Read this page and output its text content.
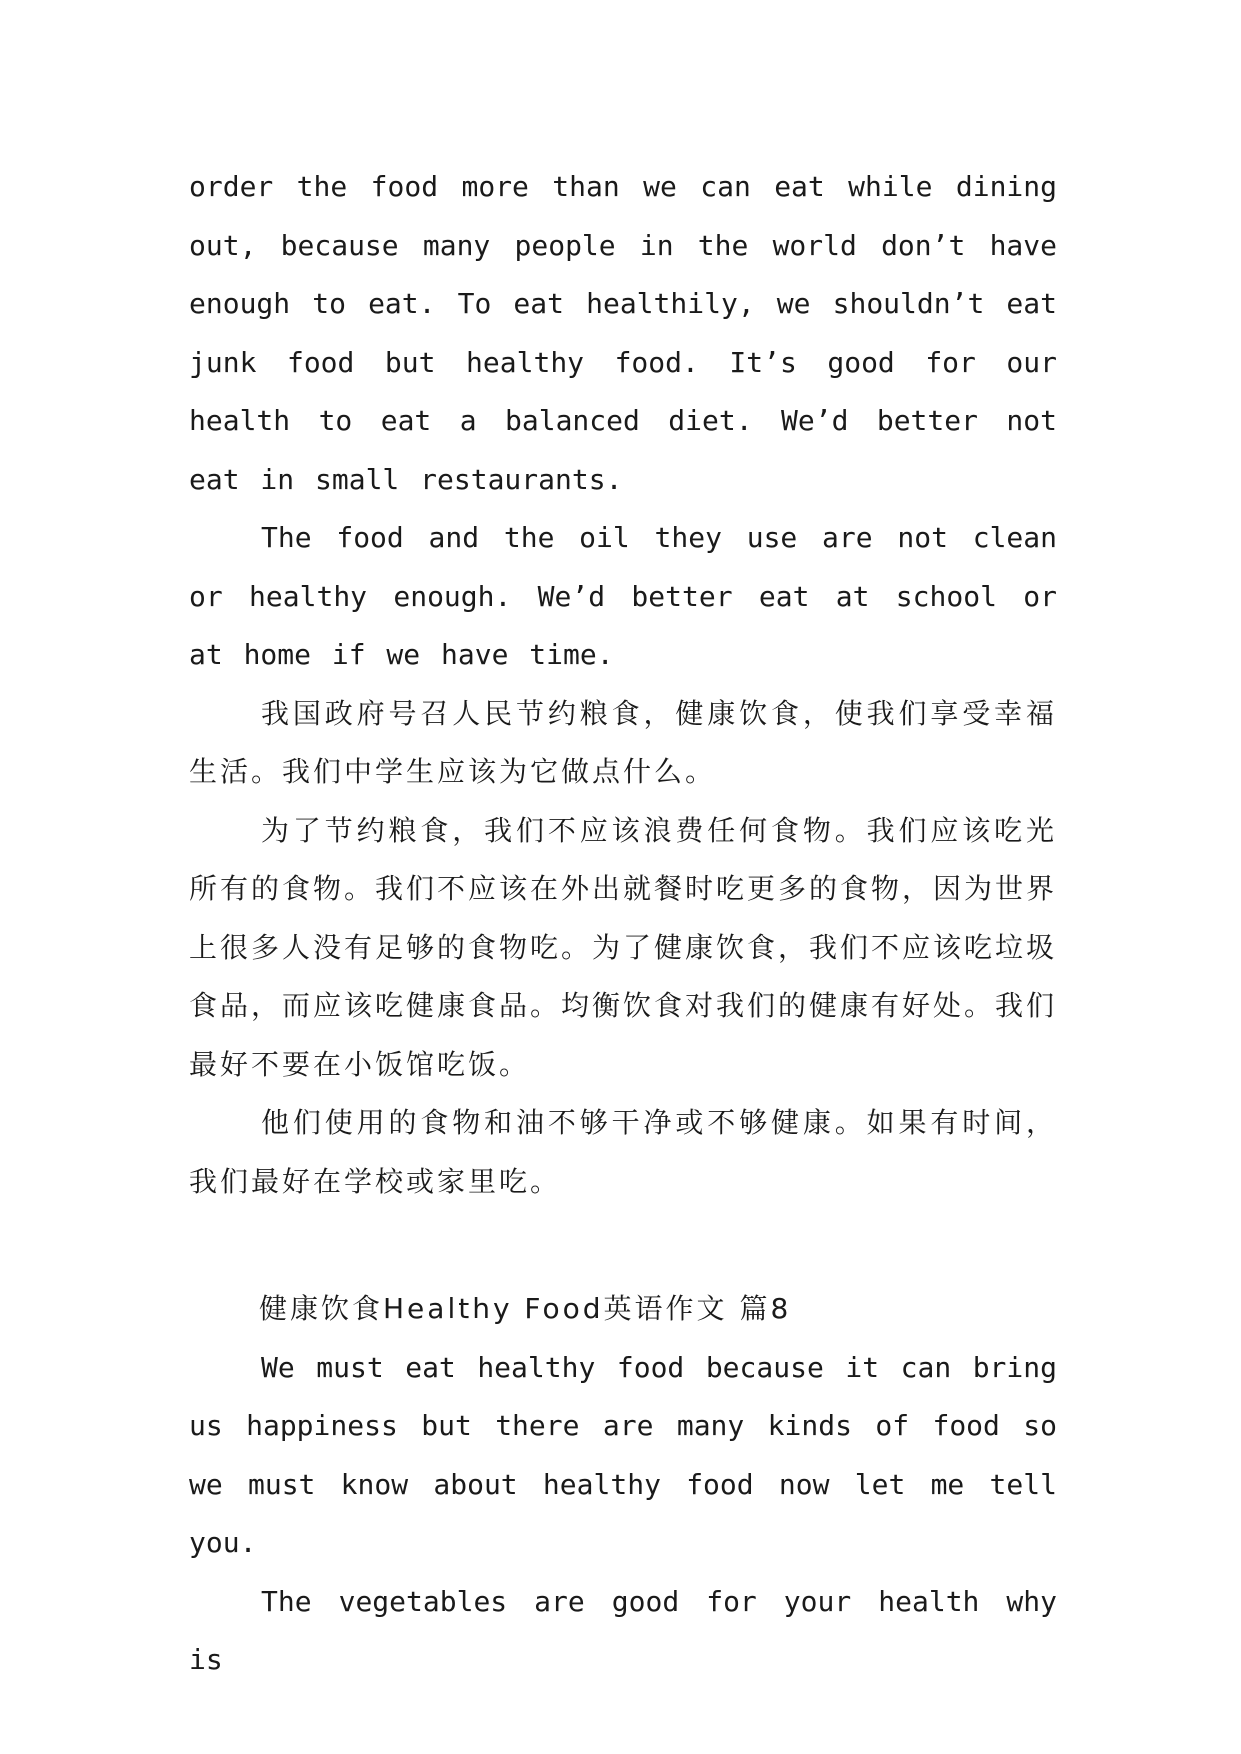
order the food more than we can eat while dining out, because many people in the world don’t have enough to eat. To eat healthily, we shouldn’t eat junk food but healthy food. It’s good for our health to eat a balanced diet. We’d better not eat in small restaurants.

The food and the oil they use are not clean or healthy enough. We’d better eat at school or at home if we have time.

我国政府号召人民节约粮食，健康饮食，使我们享受幸福生活。我们中学生应该为它做点什么。

为了节约粮食，我们不应该浪费任何食物。我们应该吃光所有的食物。我们不应该在外出就餐时吃更多的食物，因为世界上很多人没有足够的食物吃。为了健康饮食，我们不应该吃垃圾食品，而应该吃健康食品。均衡饮食对我们的健康有好处。我们最好不要在小饭馆吃饭。

他们使用的食物和油不够干净或不够健康。如果有时间，我们最好在学校或家里吃。

健康饮食Healthy Food英语作文 篇8

We must eat healthy food because it can bring us happiness but there are many kinds of food so we must know about healthy food now let me tell you.

The vegetables are good for your health why is
